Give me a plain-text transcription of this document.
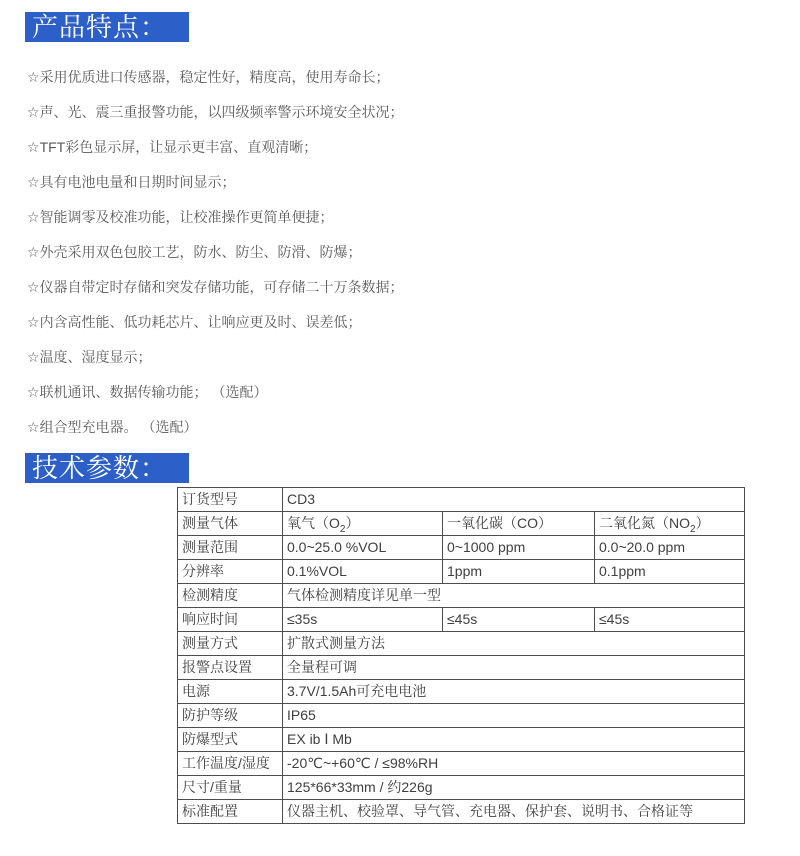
产品特点：
☆采用优质进口传感器，稳定性好，精度高，使用寿命长；
☆声、光、震三重报警功能，以四级频率警示环境安全状况；
☆TFT彩色显示屏，让显示更丰富、直观清晰；
☆具有电池电量和日期时间显示；
☆智能调零及校准功能，让校准操作更简单便捷；
☆外壳采用双色包胶工艺，防水、防尘、防滑、防爆；
☆仪器自带定时存储和突发存储功能，可存储二十万条数据；
☆内含高性能、低功耗芯片、让响应更及时、误差低；
☆温度、湿度显示；
☆联机通讯、数据传输功能； （选配）
☆组合型充电器。 （选配）
技术参数：
订货型号	CD3		
测量气体	氧气$(O_2)$	一氧化碳（CO）	二氧化氮$(NO_2)$
测量范围	0.0~25.0 %VOL	0~1000 ppm	0.0~20.0 ppm
分辨率	0.1%VOL	1ppm	0.1ppm
检测精度	气体检测精度详见单一型		
响应时间	≤35s	≤45s	≤45s
测量方式	扩散式测量方法		
报警点设置	全量程可调		
电源	3.7V/1.5Ah可充电电池		
防护等级	IP65		
防爆型式	EX ib Ⅰ Mb		
工作温度/湿度	-20℃~+60℃ / ≤98%RH		
尺寸/重量	125*66*33mm / 约226g		
标准配置	仪器主机、校验罩、导气管、充电器、保护套、说明书、合格证等		
